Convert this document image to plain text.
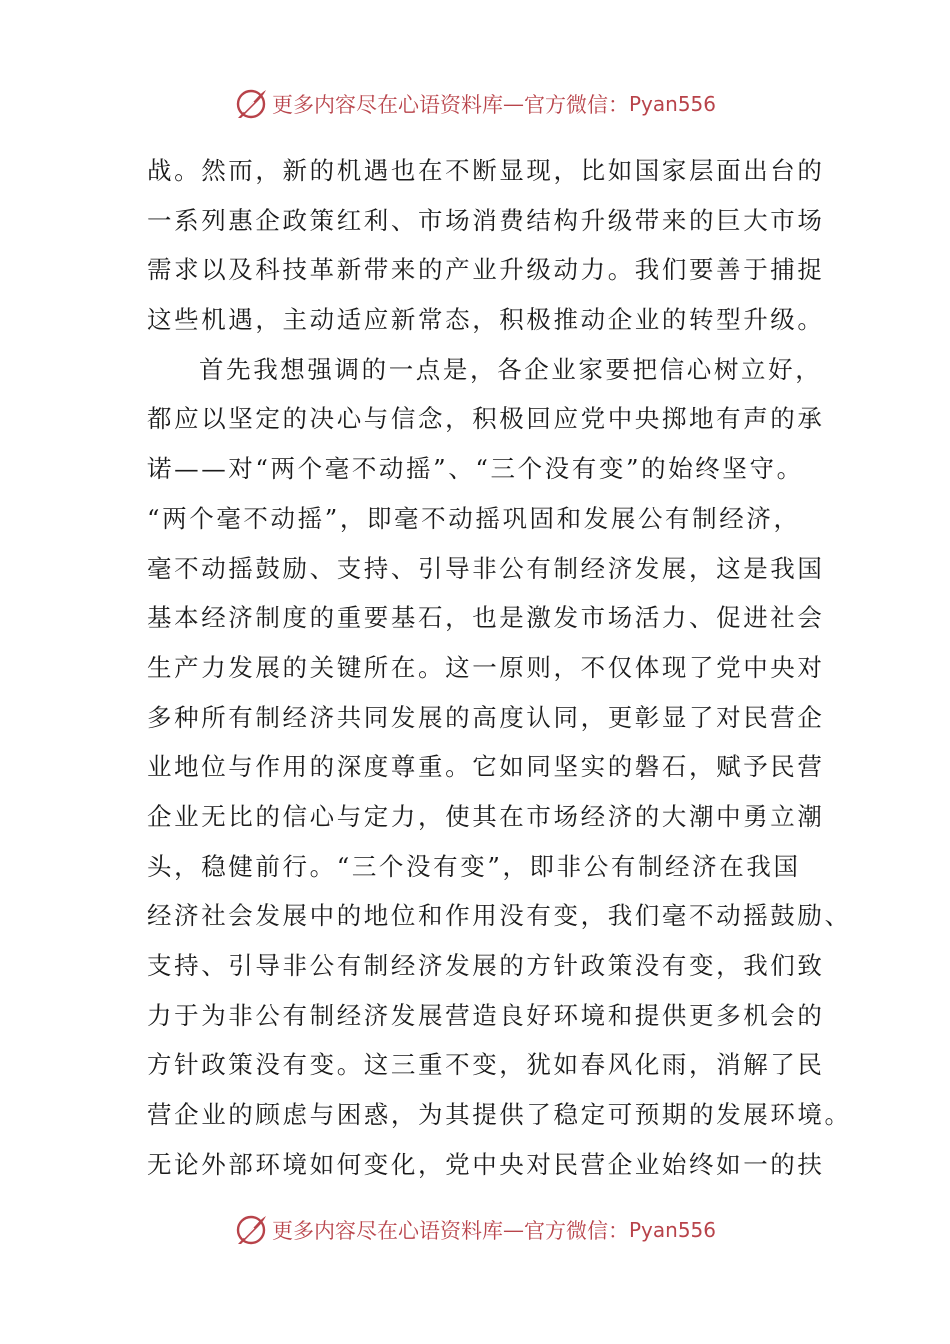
更多内容尽在心语资料库 — 官方微信： Pyan556
战。然而，新的机遇也在不断显现，比如国家层面出台的
一系列惠企政策红利、市场消费结构升级带来的巨大市场
需求以及科技革新带来的产业升级动力。我们要善于捕捉
这些机遇，主动适应新常态，积极推动企业的转型升级。
首先我想强调的一点是，各企业家要把信心树立好，
都应以坚定的决心与信念，积极回应党中央掷地有声的承
诺——对“两个毫不动摇”、“三个没有变”的始终坚守。
“两个毫不动摇”，即毫不动摇巩固和发展公有制经济，
毫不动摇鼓励、支持、引导非公有制经济发展，这是我国
基本经济制度的重要基石，也是激发市场活力、促进社会
生产力发展的关键所在。这一原则，不仅体现了党中央对
多种所有制经济共同发展的高度认同，更彰显了对民营企
业地位与作用的深度尊重。它如同坚实的磐石，赋予民营
企业无比的信心与定力，使其在市场经济的大潮中勇立潮
头，稳健前行。“三个没有变”，即非公有制经济在我国
经济社会发展中的地位和作用没有变，我们毫不动摇鼓励、
支持、引导非公有制经济发展的方针政策没有变，我们致
力于为非公有制经济发展营造良好环境和提供更多机会的
方针政策没有变。这三重不变，犹如春风化雨，消解了民
营企业的顾虑与困惑，为其提供了稳定可预期的发展环境。
无论外部环境如何变化，党中央对民营企业始终如一的扶
更多内容尽在心语资料库 — 官方微信： Pyan556
